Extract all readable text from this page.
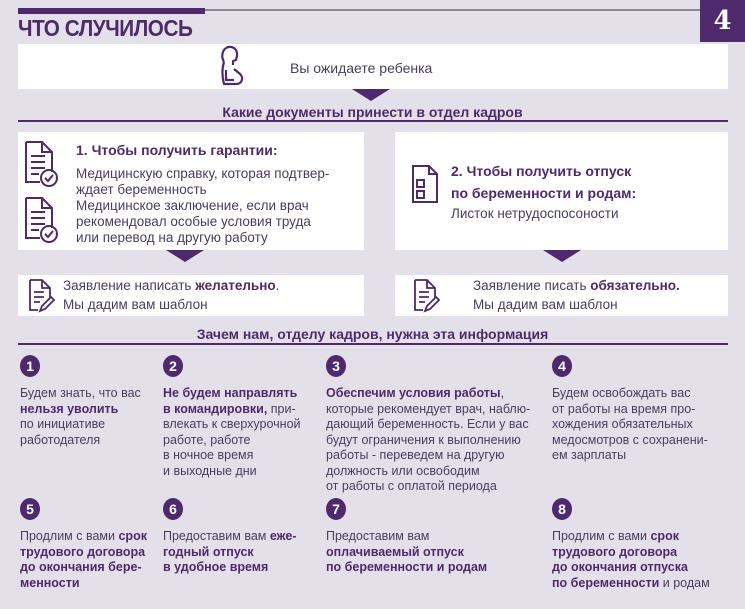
ЧТО СЛУЧИЛОСЬ	4
Вы ожидаете ребенка
Какие документы принести в отдел кадров
1. Чтобы получить гарантии:
Медицинскую справку, которая подтвер-
ждает беременность
Медицинское заключение, если врач
рекомендовал особые условия труда
или перевод на другую работу
2. Чтобы получить отпуск
по беременности и родам:
Листок нетрудоспосоности
Заявление написать желательно.
Мы дадим вам шаблон
Заявление писать обязательно.
Мы дадим вам шаблон
Зачем нам, отделу кадров, нужна эта информация
1
Будем знать, что вас
нельзя уволить
по инициативе
работодателя
2
Не будем направлять
в командировки, при-
влекать к сверхурочной
работе, работе
в ночное время
и выходные дни
3
Обеспечим условия работы,
которые рекомендует врач, наблю-
дающий беременность. Если у вас
будут ограничения к выполнению
работы - переведем на другую
должность или освободим
от работы с оплатой периода
4
Будем освобождать вас
от работы на время про-
хождения обязательных
медосмотров с сохранени-
ем зарплаты
5
Продлим с вами срок
трудового договора
до окончания бере-
менности
6
Предоставим вам еже-
годный отпуск
в удобное время
7
Предоставим вам
оплачиваемый отпуск
по беременности и родам
8
Продлим с вами срок
трудового договора
до окончания отпуска
по беременности и родам
